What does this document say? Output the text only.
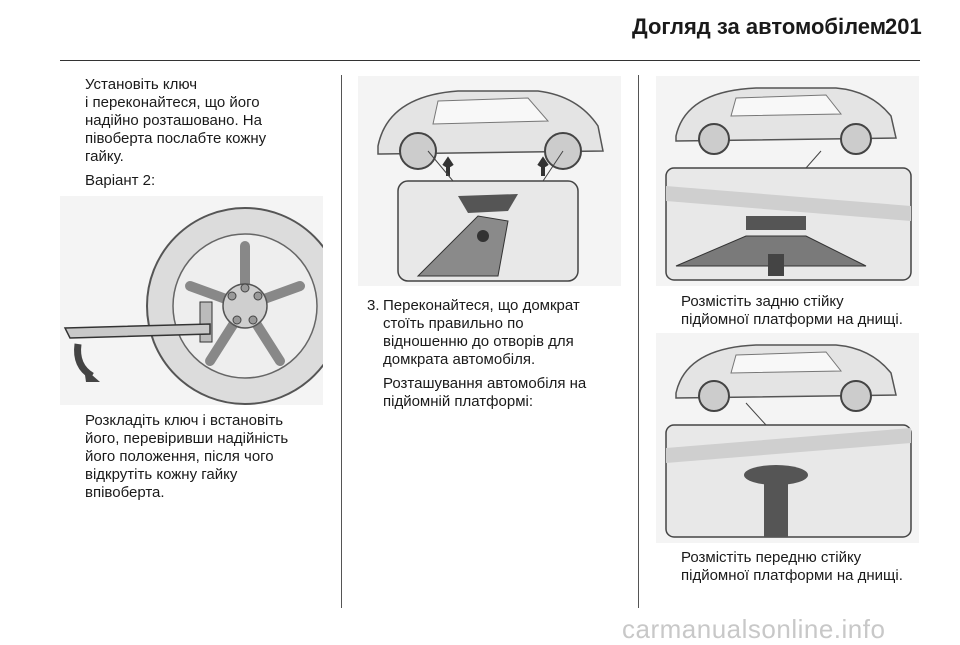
Догляд за автомобілем
201

Установіть ключ
і переконайтеся, що його
надійно розташовано. На
півоберта послабте кожну
гайку.

Варіант 2:

Розкладіть ключ і встановіть
його, перевіривши надійність
його положення, після чого
відкрутіть кожну гайку
впівоберта.

3. Переконайтеся, що домкрат
стоїть правильно по
відношенню до отворів для
домкрата автомобіля.

Розташування автомобіля на
підйомній платформі:

Розмістіть задню стійку
підйомної платформи на днищі.

Розмістіть передню стійку
підйомної платформи на днищі.

carmanualsonline.info
